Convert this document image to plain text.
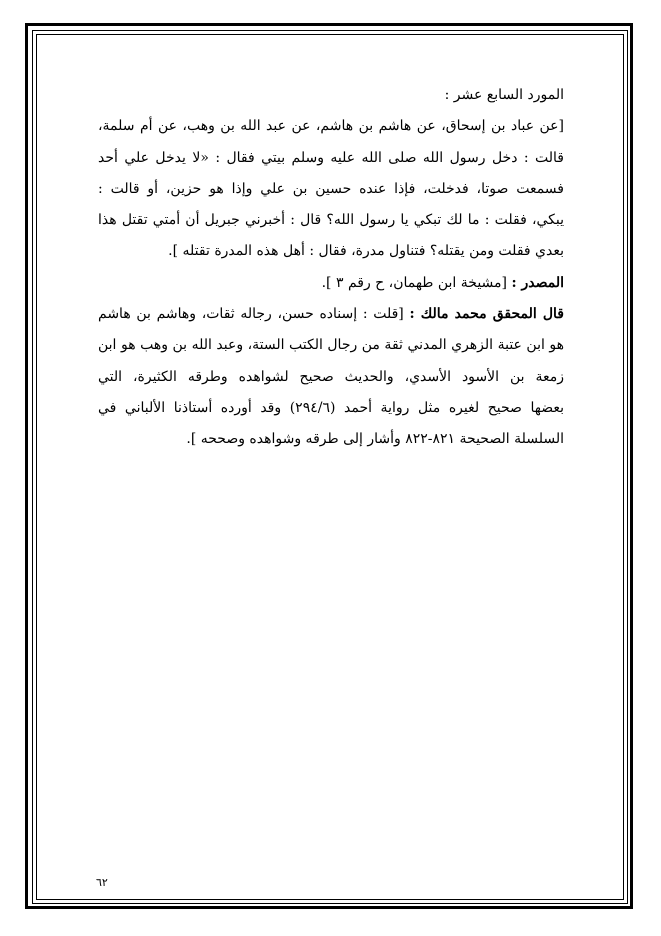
المورد السابع عشر :
[عن عباد بن إسحاق، عن هاشم بن هاشم، عن عبد الله بن وهب، عن أم سلمة،
قالت : دخل رسول الله صلى الله عليه وسلم بيتي فقال : «لا يدخل علي أحد
فسمعت صوتا، فدخلت، فإذا عنده حسين بن علي وإذا هو حزين، أو قالت :
يبكي، فقلت : ما لك تبكي يا رسول الله؟ قال : أخبرني جبريل أن أمتي تقتل هذا
بعدي فقلت ومن يقتله؟ فتناول مدرة، فقال : أهل هذه المدرة تقتله ].
المصدر : [مشيخة ابن طهمان، ح رقم ٣ ].
قال المحقق محمد مالك : [قلت : إسناده حسن، رجاله ثقات، وهاشم بن هاشم
هو ابن عتبة الزهري المدني ثقة من رجال الكتب الستة، وعبد الله بن وهب هو ابن
زمعة بن الأسود الأسدي، والحديث صحيح لشواهده وطرقه الكثيرة، التي
بعضها صحيح لغيره مثل رواية أحمد (٢٩٤/٦) وقد أورده أستاذنا الألباني في
السلسلة الصحيحة ٨٢١-٨٢٢ وأشار إلى طرقه وشواهده وصححه ].
٦٢
